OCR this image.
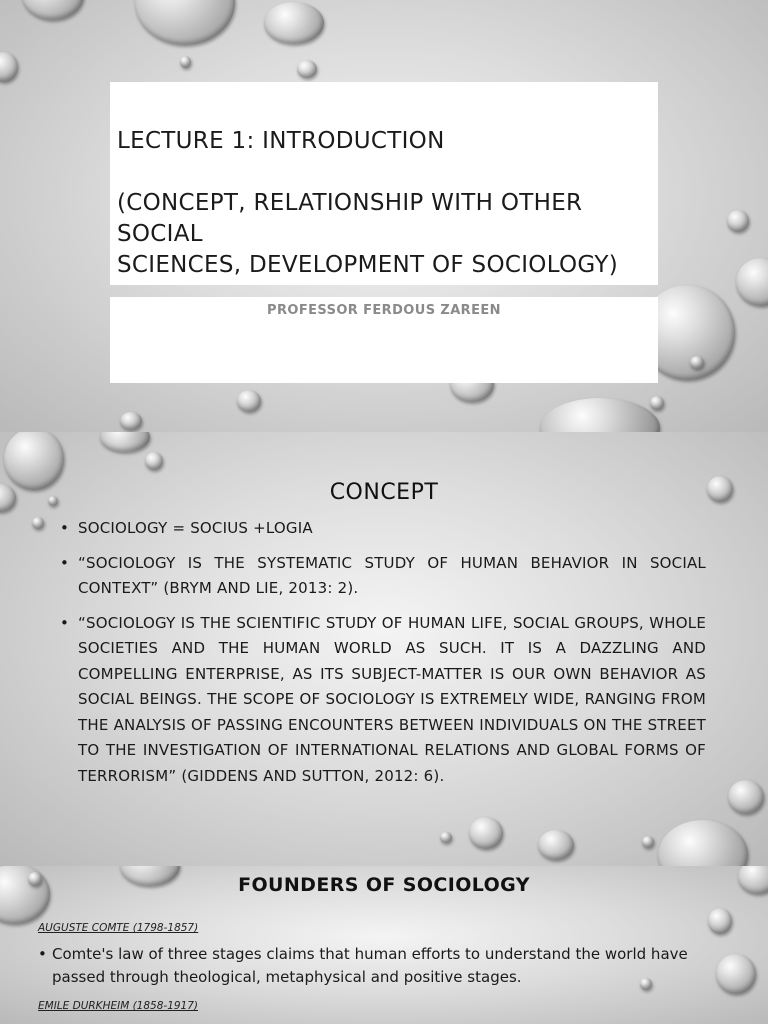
LECTURE 1: INTRODUCTION

(CONCEPT, RELATIONSHIP WITH OTHER SOCIAL

SCIENCES, DEVELOPMENT OF SOCIOLOGY)

PROFESSOR FERDOUS ZAREEN
CONCEPT
• SOCIOLOGY = SOCIUS +LOGIA
• “SOCIOLOGY IS THE SYSTEMATIC STUDY OF HUMAN BEHAVIOR IN SOCIAL CONTEXT” (BRYM AND LIE, 2013: 2).
• “SOCIOLOGY IS THE SCIENTIFIC STUDY OF HUMAN LIFE, SOCIAL GROUPS, WHOLE SOCIETIES AND THE HUMAN WORLD AS SUCH. IT IS A DAZZLING AND COMPELLING ENTERPRISE, AS ITS SUBJECT-MATTER IS OUR OWN BEHAVIOR AS SOCIAL BEINGS. THE SCOPE OF SOCIOLOGY IS EXTREMELY WIDE, RANGING FROM THE ANALYSIS OF PASSING ENCOUNTERS BETWEEN INDIVIDUALS ON THE STREET TO THE INVESTIGATION OF INTERNATIONAL RELATIONS AND GLOBAL FORMS OF TERRORISM” (GIDDENS AND SUTTON, 2012: 6).
FOUNDERS OF SOCIOLOGY
AUGUSTE COMTE (1798-1857)
• Comte's law of three stages claims that human efforts to understand the world have passed through theological, metaphysical and positive stages.
EMILE DURKHEIM (1858-1917)
